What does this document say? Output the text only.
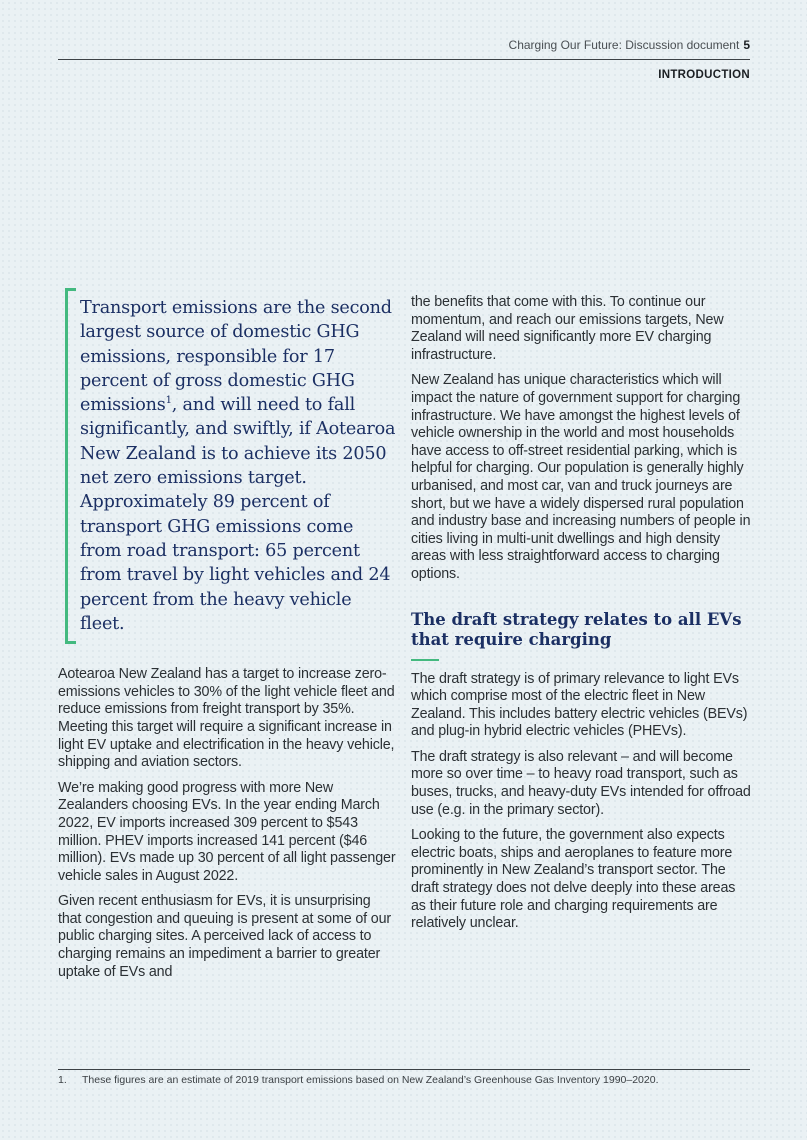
Charging Our Future: Discussion document 5
INTRODUCTION

Transport emissions are the second largest source of domestic GHG emissions, responsible for 17 percent of gross domestic GHG emissions$^1$, and will need to fall significantly, and swiftly, if Aotearoa New Zealand is to achieve its 2050 net zero emissions target. Approximately 89 percent of transport GHG emissions come from road transport: 65 percent from travel by light vehicles and 24 percent from the heavy vehicle fleet.

Aotearoa New Zealand has a target to increase zero-emissions vehicles to 30% of the light vehicle fleet and reduce emissions from freight transport by 35%. Meeting this target will require a significant increase in light EV uptake and electrification in the heavy vehicle, shipping and aviation sectors.

We’re making good progress with more New Zealanders choosing EVs. In the year ending March 2022, EV imports increased 309 percent to $543 million. PHEV imports increased 141 percent ($46 million). EVs made up 30 percent of all light passenger vehicle sales in August 2022.

Given recent enthusiasm for EVs, it is unsurprising that congestion and queuing is present at some of our public charging sites. A perceived lack of access to charging remains an impediment a barrier to greater uptake of EVs and

the benefits that come with this. To continue our momentum, and reach our emissions targets, New Zealand will need significantly more EV charging infrastructure.

New Zealand has unique characteristics which will impact the nature of government support for charging infrastructure. We have amongst the highest levels of vehicle ownership in the world and most households have access to off-street residential parking, which is helpful for charging. Our population is generally highly urbanised, and most car, van and truck journeys are short, but we have a widely dispersed rural population and industry base and increasing numbers of people in cities living in multi-unit dwellings and high density areas with less straightforward access to charging options.

The draft strategy relates to all EVs that require charging

The draft strategy is of primary relevance to light EVs which comprise most of the electric fleet in New Zealand. This includes battery electric vehicles (BEVs) and plug-in hybrid electric vehicles (PHEVs).

The draft strategy is also relevant – and will become more so over time – to heavy road transport, such as buses, trucks, and heavy-duty EVs intended for offroad use (e.g. in the primary sector).

Looking to the future, the government also expects electric boats, ships and aeroplanes to feature more prominently in New Zealand’s transport sector. The draft strategy does not delve deeply into these areas as their future role and charging requirements are relatively unclear.

1.	These figures are an estimate of 2019 transport emissions based on New Zealand’s Greenhouse Gas Inventory 1990–2020.
